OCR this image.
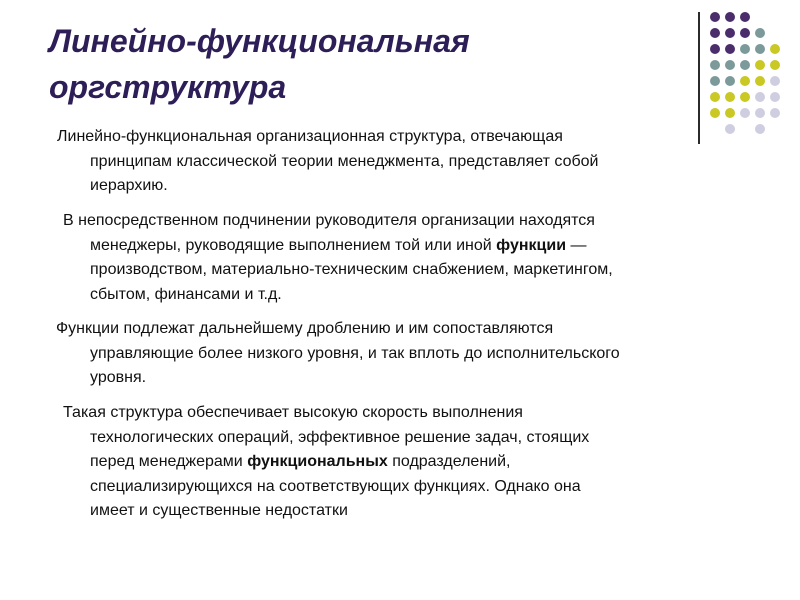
Линейно-функциональная
оргструктура
Линейно-функциональная организационная структура, отвечающая
принципам классической теории менеджмента, представляет собой
иерархию.
В непосредственном подчинении руководителя организации находятся
менеджеры, руководящие выполнением той или иной функции —
производством, материально-техническим снабжением, маркетингом,
сбытом, финансами и т.д.
Функции подлежат дальнейшему дроблению и им сопоставляются
управляющие более низкого уровня, и так вплоть до исполнительского
уровня.
Такая структура обеспечивает высокую скорость выполнения
технологических операций, эффективное решение задач, стоящих
перед менеджерами функциональных подразделений,
специализирующихся на соответствующих функциях. Однако она
имеет и существенные недостатки
